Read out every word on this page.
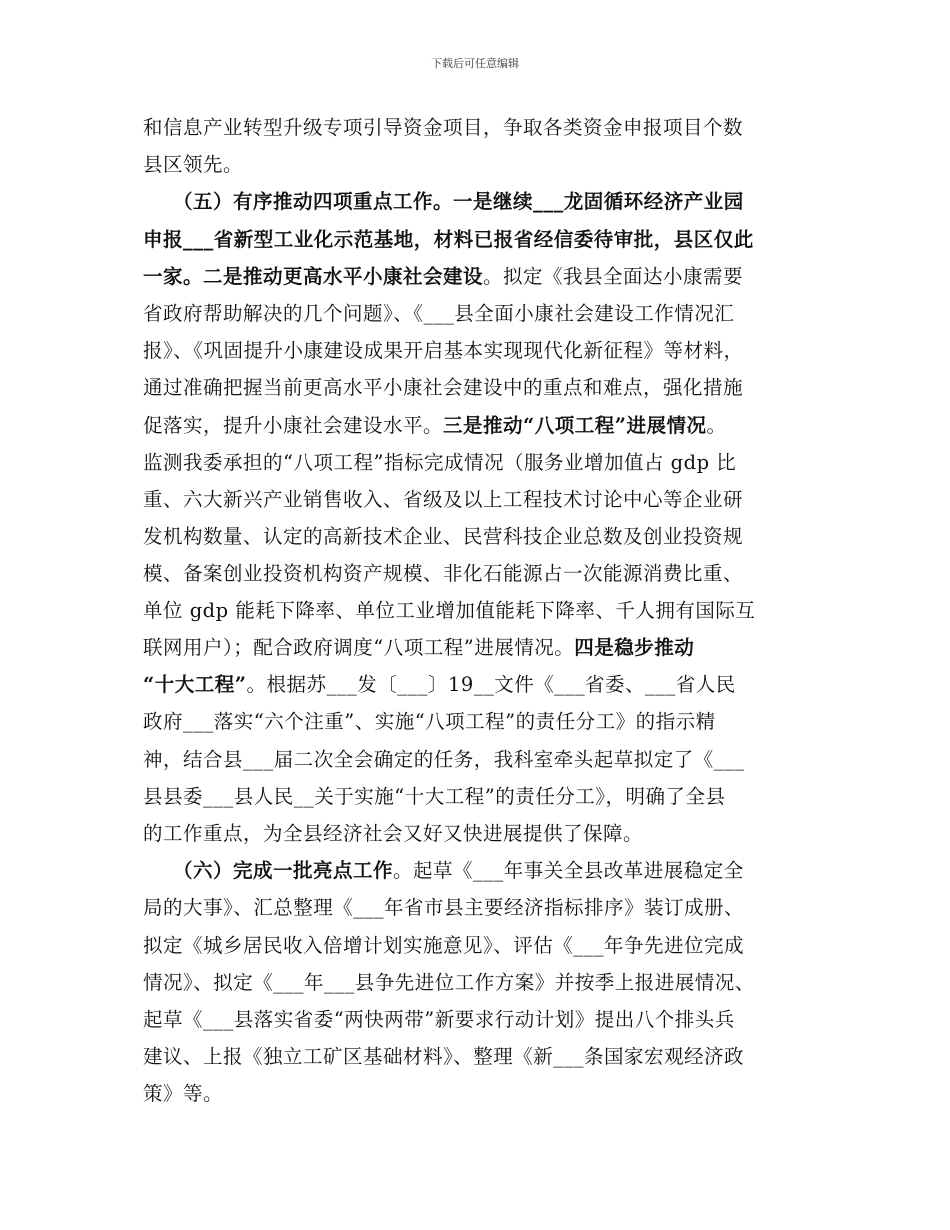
下载后可任意编辑
和信息产业转型升级专项引导资金项目，争取各类资金申报项目个数
县区领先。
（五）有序推动四项重点工作。一是继续___龙固循环经济产业园
申报___省新型工业化示范基地，材料已报省经信委待审批，县区仅此
一家。二是推动更高水平小康社会建设。拟定《我县全面达小康需要
省政府帮助解决的几个问题》、《___县全面小康社会建设工作情况汇
报》、《巩固提升小康建设成果开启基本实现现代化新征程》等材料，
通过准确把握当前更高水平小康社会建设中的重点和难点，强化措施
促落实，提升小康社会建设水平。三是推动“八项工程”进展情况。
监测我委承担的“八项工程”指标完成情况（服务业增加值占 gdp 比
重、六大新兴产业销售收入、省级及以上工程技术讨论中心等企业研
发机构数量、认定的高新技术企业、民营科技企业总数及创业投资规
模、备案创业投资机构资产规模、非化石能源占一次能源消费比重、
单位 gdp 能耗下降率、单位工业增加值能耗下降率、千人拥有国际互
联网用户）；配合政府调度“八项工程”进展情况。四是稳步推动
“十大工程”。根据苏___发〔___〕19__文件《___省委、___省人民
政府___落实“六个注重”、实施“八项工程”的责任分工》的指示精
神，结合县___届二次全会确定的任务，我科室牵头起草拟定了《___
县县委___县人民__关于实施“十大工程”的责任分工》，明确了全县
的工作重点，为全县经济社会又好又快进展提供了保障。
（六）完成一批亮点工作。起草《___年事关全县改革进展稳定全
局的大事》、汇总整理《___年省市县主要经济指标排序》装订成册、
拟定《城乡居民收入倍增计划实施意见》、评估《___年争先进位完成
情况》、拟定《___年___县争先进位工作方案》并按季上报进展情况、
起草《___县落实省委“两快两带”新要求行动计划》提出八个排头兵
建议、上报《独立工矿区基础材料》、整理《新___条国家宏观经济政
策》等。
